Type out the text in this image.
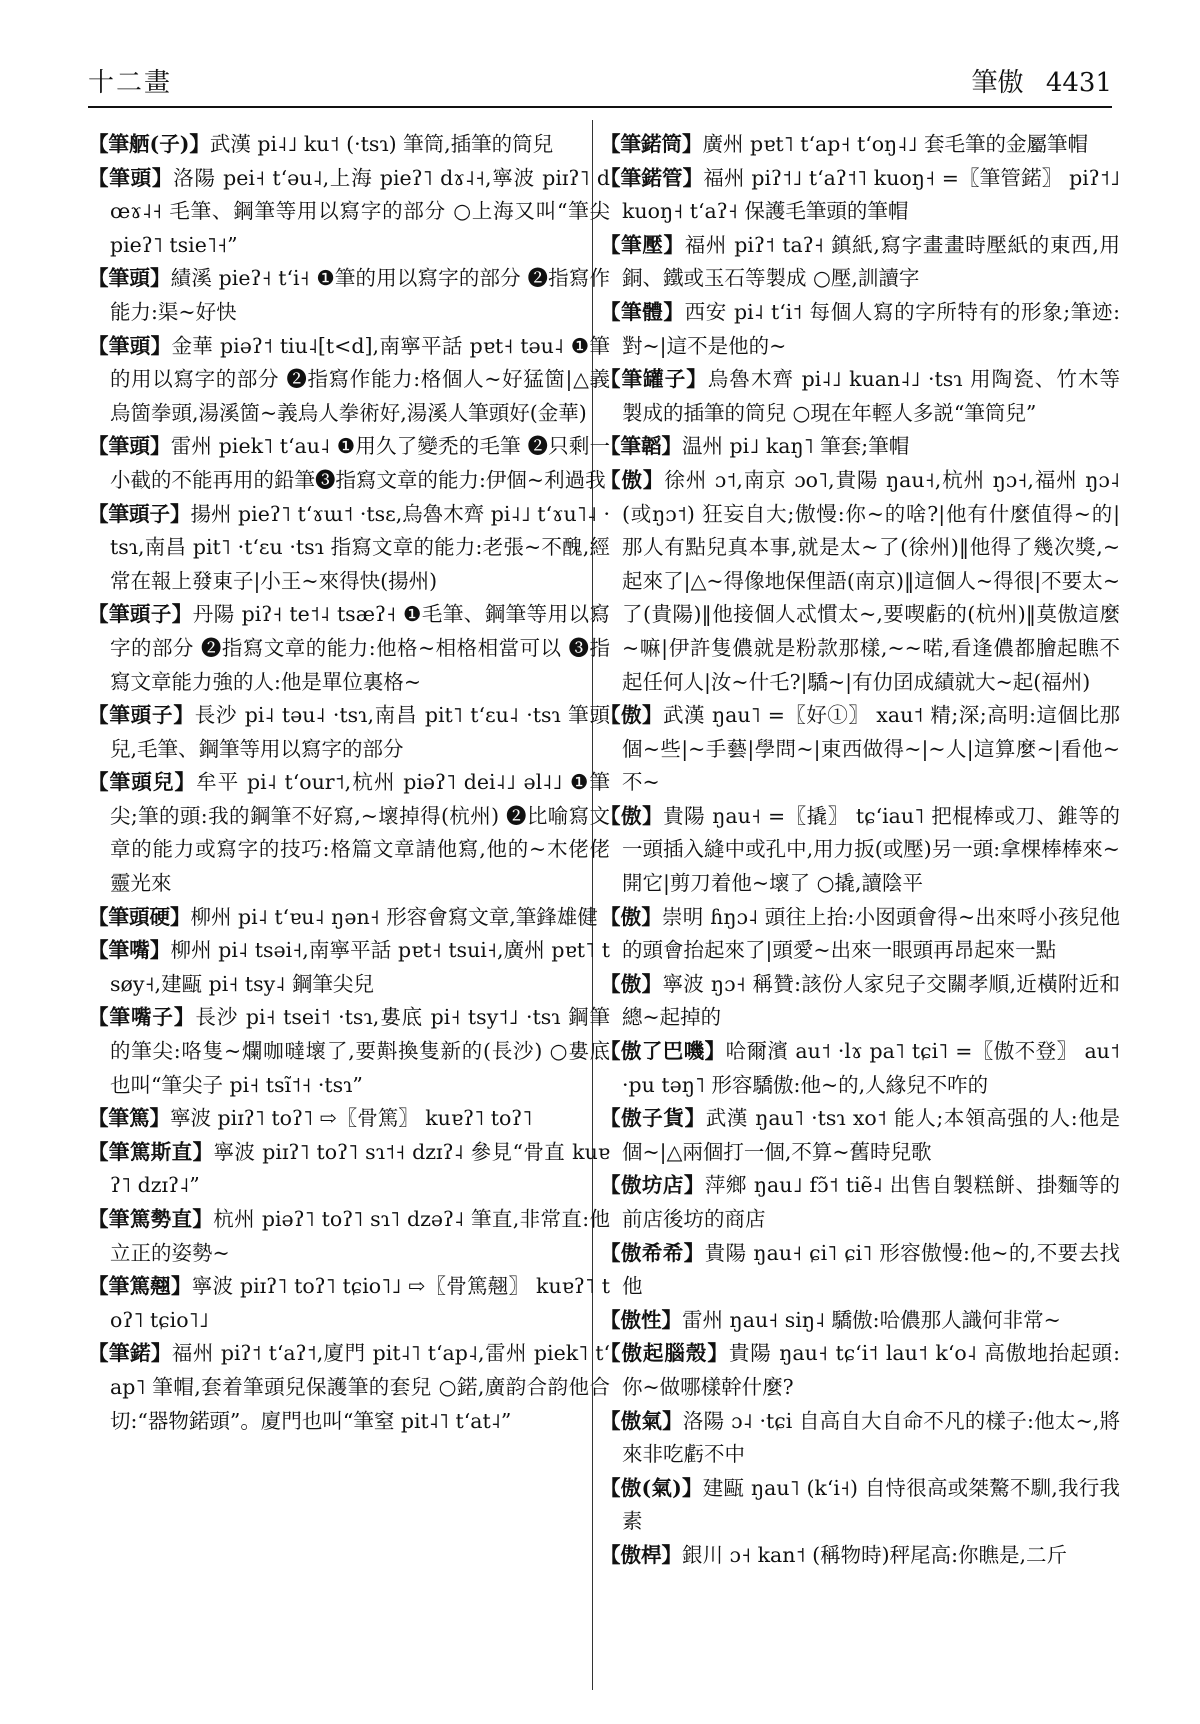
十二畫	筆傲 4431

【筆舾(子)】武漢 pi˨˩ ku˦ (·tsɿ) 筆筒,插筆的筒兒

【筆頭】洛陽 pei˧ tʻəu˨,上海 pieʔ˥ dɤ˨˧,寧波 piɪʔ˥ dœɤ˨˧ 毛筆、鋼筆等用以寫字的部分 ○上海又叫“筆尖 pieʔ˥ tsie˥˧”

【筆頭】績溪 pieʔ˧ tʻi˧ ❶筆的用以寫字的部分 ❷指寫作能力:渠~好快

【筆頭】金華 piəʔ˦ tiu˨[t<d],南寧平話 pɐt˧ təu˨ ❶筆的用以寫字的部分 ❷指寫作能力:格個人~好猛箇|△義烏箇拳頭,湯溪箇~義烏人拳術好,湯溪人筆頭好(金華)

【筆頭】雷州 piek˥ tʻau˨ ❶用久了變禿的毛筆 ❷只剩一小截的不能再用的鉛筆❸指寫文章的能力:伊個~利過我

【筆頭子】揚州 pieʔ˥ tʻɤɯ˦ ·tsɛ,烏魯木齊 pi˨˩ tʻɤu˥˨ ·tsɿ,南昌 pit˥ ·tʻɛu ·tsɿ 指寫文章的能力:老張~不醜,經常在報上發東子|小王~來得快(揚州)

【筆頭子】丹陽 piʔ˧ te˦˨ tsæʔ˧ ❶毛筆、鋼筆等用以寫字的部分 ❷指寫文章的能力:他格~相格相當可以 ❸指寫文章能力強的人:他是單位裏格~

【筆頭子】長沙 pi˨ təu˨ ·tsɿ,南昌 pit˥ tʻɛu˨ ·tsɿ 筆頭兒,毛筆、鋼筆等用以寫字的部分

【筆頭兒】牟平 pi˨ tʻour˦,杭州 piəʔ˥ dei˨˩ əl˨˩ ❶筆尖;筆的頭:我的鋼筆不好寫,~壞掉得(杭州) ❷比喻寫文章的能力或寫字的技巧:格篇文章請他寫,他的~木佬佬靈光來

【筆頭硬】柳州 pi˨ tʻɐu˨ ŋən˧ 形容會寫文章,筆鋒雄健

【筆嘴】柳州 pi˨ tsəi˧,南寧平話 pɐt˧ tsui˧,廣州 pɐt˥ tsøy˧,建甌 pi˧ tsy˨ 鋼筆尖兒

【筆嘴子】長沙 pi˧ tsei˦ ·tsɿ,婁底 pi˧ tsy˦˩ ·tsɿ 鋼筆的筆尖:咯隻~爛咖噠壞了,要斢換隻新的(長沙) ○婁底也叫“筆尖子 pi˧ tsĩ˦˧ ·tsɿ”

【筆篤】寧波 piɪʔ˥ toʔ˥ ⇨〖骨篤〗 kuɐʔ˥ toʔ˥

【筆篤斯直】寧波 piɪʔ˥ toʔ˥ sɿ˦˧ dzɪʔ˨ 參見“骨直 kuɐʔ˥ dzɪʔ˨”

【筆篤勢直】杭州 piəʔ˥ toʔ˥ sɿ˥ dzəʔ˨ 筆直,非常直:他立正的姿勢~

【筆篤翹】寧波 piɪʔ˥ toʔ˥ tɕio˥˩ ⇨〖骨篤翹〗 kuɐʔ˥ toʔ˥ tɕio˥˩

【筆鍩】福州 piʔ˦ tʻaʔ˦,廈門 pit˨˥ tʻap˨,雷州 piek˥ tʻap˥ 筆帽,套着筆頭兒保護筆的套兒 ○鍩,廣韵合韵他合切:“器物鍩頭”。廈門也叫“筆窒 pit˨˥ tʻat˨”

【筆鍩筒】廣州 pɐt˥ tʻap˧ tʻoŋ˨˩ 套毛筆的金屬筆帽

【筆鍩管】福州 piʔ˦˩ tʻaʔ˦˥ kuoŋ˧ =〖筆管鍩〗 piʔ˦˩ kuoŋ˧ tʻaʔ˧ 保護毛筆頭的筆帽

【筆壓】福州 piʔ˦ taʔ˧ 鎮紙,寫字畫畫時壓紙的東西,用銅、鐵或玉石等製成 ○壓,訓讀字

【筆體】西安 pi˨ tʻi˦ 每個人寫的字所特有的形象;筆迹:對~|這不是他的~

【筆罐子】烏魯木齊 pi˨˩ kuan˨˩ ·tsɿ 用陶瓷、竹木等製成的插筆的筒兒 ○現在年輕人多説“筆筒兒”

【筆韜】温州 pi˩ kaŋ˥ 筆套;筆帽

【傲】徐州 ɔ˦,南京 ɔo˥,貴陽 ŋau˧,杭州 ŋɔ˧,福州 ŋɔ˨(或ŋɔ˦) 狂妄自大;傲慢:你~的啥?|他有什麼值得~的|那人有點兒真本事,就是太~了(徐州)‖他得了幾次獎,~起來了|△~得像地保俚語(南京)‖這個人~得很|不要太~了(貴陽)‖他接個人忒慣太~,要喫虧的(杭州)‖莫傲這麼~嘛|伊許隻儂就是粉款那樣,~~喏,看逢儂都膾起瞧不起任何人|汝~什乇?|驕~|有仂囝成績就大~起(福州)

【傲】武漢 ŋau˥ =〖好①〗 xau˦ 精;深;高明:這個比那個~些|~手藝|學問~|東西做得~|~人|這算麼~|看他~不~

【傲】貴陽 ŋau˧ =〖撬〗 tɕʻiau˥ 把棍棒或刀、錐等的一頭插入縫中或孔中,用力扳(或壓)另一頭:拿棵棒棒來~開它|剪刀着他~壞了 ○撬,讀陰平

【傲】崇明 ɦŋɔ˨ 頭往上抬:小囡頭會得~出來哷小孩兒他的頭會抬起來了|頭愛~出來一眼頭再昂起來一點

【傲】寧波 ŋɔ˧ 稱贊:該份人家兒子交關孝順,近橫附近和總~起掉的

【傲了巴嘰】哈爾濱 au˦ ·lɤ pa˥ tɕi˥ =〖傲不登〗 au˦ ·pu təŋ˥ 形容驕傲:他~的,人緣兒不咋的

【傲子貨】武漢 ŋau˥ ·tsɿ xo˦ 能人;本領高强的人:他是個~|△兩個打一個,不算~舊時兒歌

【傲坊店】萍鄉 ŋau˩ fɔ̃˦ tiẽ˨ 出售自製糕餅、掛麵等的前店後坊的商店

【傲希希】貴陽 ŋau˧ ɕi˥ ɕi˥ 形容傲慢:他~的,不要去找他

【傲性】雷州 ŋau˧ siŋ˨ 驕傲:哈儂那人識何非常~

【傲起腦殼】貴陽 ŋau˧ tɕʻi˦ lau˦ kʻo˨ 高傲地抬起頭:你~做哪樣幹什麼?

【傲氣】洛陽 ɔ˨ ·tɕi 自高自大自命不凡的樣子:他太~,將來非吃虧不中

【傲(氣)】建甌 ŋau˥ (kʻi˧) 自恃很高或桀驁不馴,我行我素

【傲桿】銀川 ɔ˧ kan˦ (稱物時)秤尾高:你瞧是,二斤
